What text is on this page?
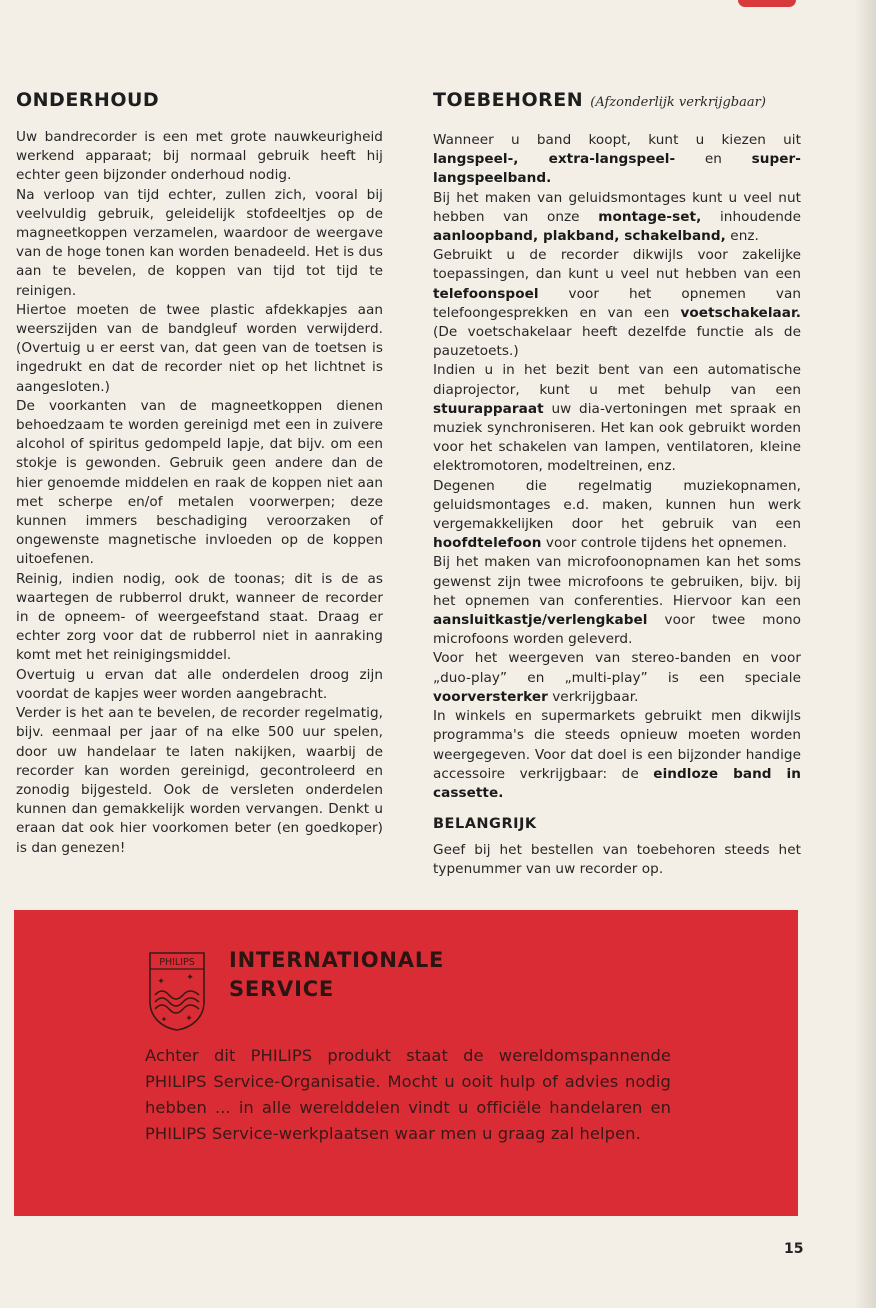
ONDERHOUD

Uw bandrecorder is een met grote nauwkeurigheid werkend apparaat; bij normaal gebruik heeft hij echter geen bijzonder onderhoud nodig.

Na verloop van tijd echter, zullen zich, vooral bij veelvuldig gebruik, geleidelijk stofdeeltjes op de magneetkoppen verzamelen, waardoor de weergave van de hoge tonen kan worden benadeeld. Het is dus aan te bevelen, de koppen van tijd tot tijd te reinigen.

Hiertoe moeten de twee plastic afdekkapjes aan weerszijden van de bandgleuf worden verwijderd. (Overtuig u er eerst van, dat geen van de toetsen is ingedrukt en dat de recorder niet op het lichtnet is aangesloten.)

De voorkanten van de magneetkoppen dienen behoedzaam te worden gereinigd met een in zuivere alcohol of spiritus gedompeld lapje, dat bijv. om een stokje is gewonden. Gebruik geen andere dan de hier genoemde middelen en raak de koppen niet aan met scherpe en/of metalen voorwerpen; deze kunnen immers beschadiging veroorzaken of ongewenste magnetische invloeden op de koppen uitoefenen.

Reinig, indien nodig, ook de toonas; dit is de as waartegen de rubberrol drukt, wanneer de recorder in de opneem- of weergeefstand staat. Draag er echter zorg voor dat de rubberrol niet in aanraking komt met het reinigingsmiddel.

Overtuig u ervan dat alle onderdelen droog zijn voordat de kapjes weer worden aangebracht.

Verder is het aan te bevelen, de recorder regelmatig, bijv. eenmaal per jaar of na elke 500 uur spelen, door uw handelaar te laten nakijken, waarbij de recorder kan worden gereinigd, gecontroleerd en zonodig bijgesteld. Ook de versleten onderdelen kunnen dan gemakkelijk worden vervangen. Denkt u eraan dat ook hier voorkomen beter (en goedkoper) is dan genezen!

TOEBEHOREN (Afzonderlijk verkrijgbaar)

Wanneer u band koopt, kunt u kiezen uit langspeel-, extra-langspeel- en super-langspeelband.

Bij het maken van geluidsmontages kunt u veel nut hebben van onze montage-set, inhoudende aanloopband, plakband, schakelband, enz.

Gebruikt u de recorder dikwijls voor zakelijke toepassingen, dan kunt u veel nut hebben van een telefoonspoel voor het opnemen van telefoongesprekken en van een voetschakelaar. (De voetschakelaar heeft dezelfde functie als de pauzetoets.)

Indien u in het bezit bent van een automatische diaprojector, kunt u met behulp van een stuurapparaat uw dia-vertoningen met spraak en muziek synchroniseren. Het kan ook gebruikt worden voor het schakelen van lampen, ventilatoren, kleine elektromotoren, modeltreinen, enz.

Degenen die regelmatig muziekopnamen, geluidsmontages e.d. maken, kunnen hun werk vergemakkelijken door het gebruik van een hoofdtelefoon voor controle tijdens het opnemen.

Bij het maken van microfoonopnamen kan het soms gewenst zijn twee microfoons te gebruiken, bijv. bij het opnemen van conferenties. Hiervoor kan een aansluitkastje/verlengkabel voor twee mono microfoons worden geleverd.

Voor het weergeven van stereo-banden en voor „duo-play” en „multi-play” is een speciale voorversterker verkrijgbaar.

In winkels en supermarkets gebruikt men dikwijls programma's die steeds opnieuw moeten worden weergegeven. Voor dat doel is een bijzonder handige accessoire verkrijgbaar: de eindloze band in cassette.

BELANGRIJK

Geef bij het bestellen van toebehoren steeds het typenummer van uw recorder op.

PHILIPS
✦ ✦
✦ ✦
INTERNATIONALE
SERVICE
Achter dit PHILIPS produkt staat de wereldomspannende PHILIPS Service-Organisatie. Mocht u ooit hulp of advies nodig hebben ... in alle werelddelen vindt u officiële handelaren en PHILIPS Service-werkplaatsen waar men u graag zal helpen.
15
